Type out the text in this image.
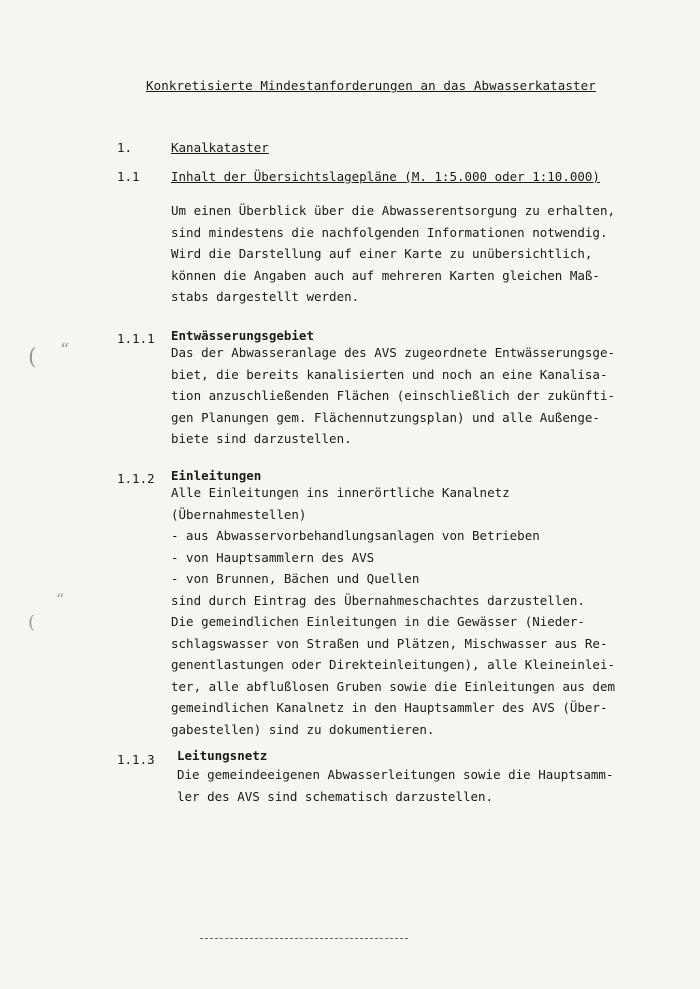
Konkretisierte Mindestanforderungen an das Abwasserkataster
1.	Kanalkataster
1.1	Inhalt der Übersichtslagepläne (M. 1:5.000 oder 1:10.000)
Um einen Überblick über die Abwasserentsorgung zu erhalten,
sind mindestens die nachfolgenden Informationen notwendig.
Wird die Darstellung auf einer Karte zu unübersichtlich,
können die Angaben auch auf mehreren Karten gleichen Maß-
stabs dargestellt werden.
1.1.1 Entwässerungsgebiet
Das der Abwasseranlage des AVS zugeordnete Entwässerungsge-
biet, die bereits kanalisierten und noch an eine Kanalisa-
tion anzuschließenden Flächen (einschließlich der zukünfti-
gen Planungen gem. Flächennutzungsplan) und alle Außenge-
biete sind darzustellen.
1.1.2 Einleitungen
Alle Einleitungen ins innerörtliche Kanalnetz
(Übernahmestellen)
- aus Abwasservorbehandlungsanlagen von Betrieben
- von Hauptsammlern des AVS
- von Brunnen, Bächen und Quellen
sind durch Eintrag des Übernahmeschachtes darzustellen.
Die gemeindlichen Einleitungen in die Gewässer (Nieder-
schlagswasser von Straßen und Plätzen, Mischwasser aus Re-
genentlastungen oder Direkteinleitungen), alle Kleineinlei-
ter, alle abflußlosen Gruben sowie die Einleitungen aus dem
gemeindlichen Kanalnetz in den Hauptsammler des AVS (Über-
gabestellen) sind zu dokumentieren.
1.1.3 Leitungsnetz
Die gemeindeeigenen Abwasserleitungen sowie die Hauptsamm-
ler des AVS sind schematisch darzustellen.
( “
(
“
